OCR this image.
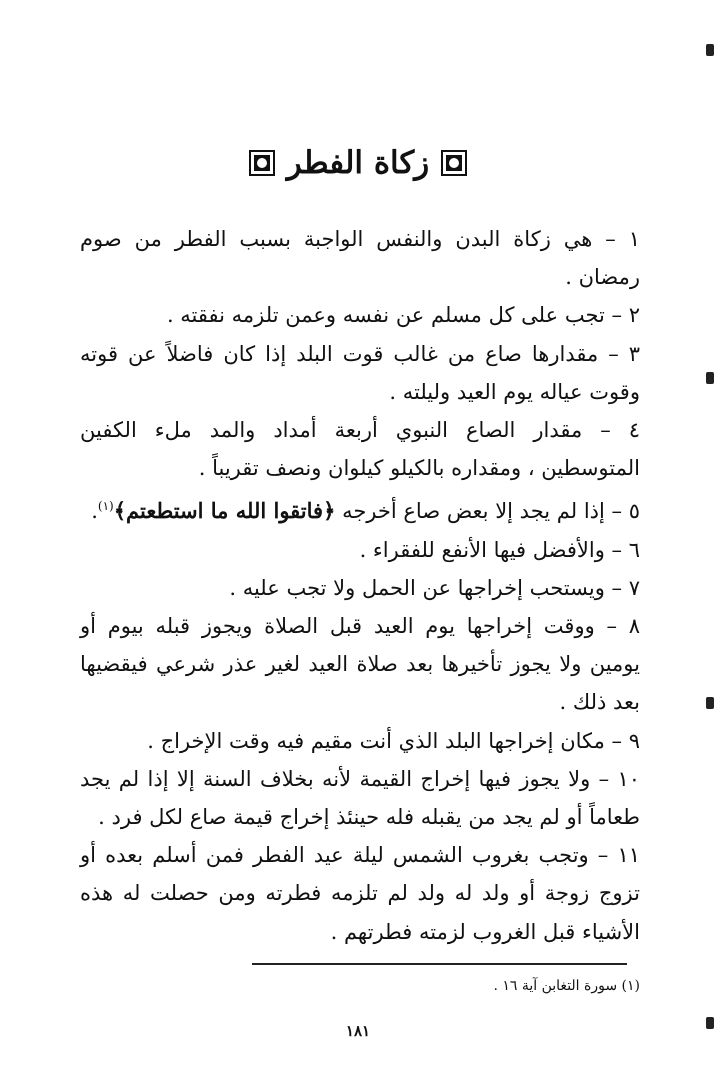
زكاة الفطر

١ – هي زكاة البدن والنفس الواجبة بسبب الفطر من صوم رمضان .

٢ – تجب على كل مسلم عن نفسه وعمن تلزمه نفقته .

٣ – مقدارها صاع من غالب قوت البلد إذا كان فاضلاً عن قوته وقوت عياله يوم العيد وليلته .

٤ – مقدار الصاع النبوي أربعة أمداد والمد ملء الكفين المتوسطين ، ومقداره بالكيلو كيلوان ونصف تقريباً .

٥ – إذا لم يجد إلا بعض صاع أخرجه ﴿فاتقوا الله ما استطعتم﴾$^{(١)}$.

٦ – والأفضل فيها الأنفع للفقراء .

٧ – ويستحب إخراجها عن الحمل ولا تجب عليه .

٨ – ووقت إخراجها يوم العيد قبل الصلاة ويجوز قبله بيوم أو يومين ولا يجوز تأخيرها بعد صلاة العيد لغير عذر شرعي فيقضيها بعد ذلك .

٩ – مكان إخراجها البلد الذي أنت مقيم فيه وقت الإخراج .

١٠ – ولا يجوز فيها إخراج القيمة لأنه بخلاف السنة إلا إذا لم يجد طعاماً أو لم يجد من يقبله فله حينئذ إخراج قيمة صاع لكل فرد .

١١ – وتجب بغروب الشمس ليلة عيد الفطر فمن أسلم بعده أو تزوج زوجة أو ولد له ولد لم تلزمه فطرته ومن حصلت له هذه الأشياء قبل الغروب لزمته فطرتهم .

(١) سورة التغابن آية ١٦ .
١٨١
